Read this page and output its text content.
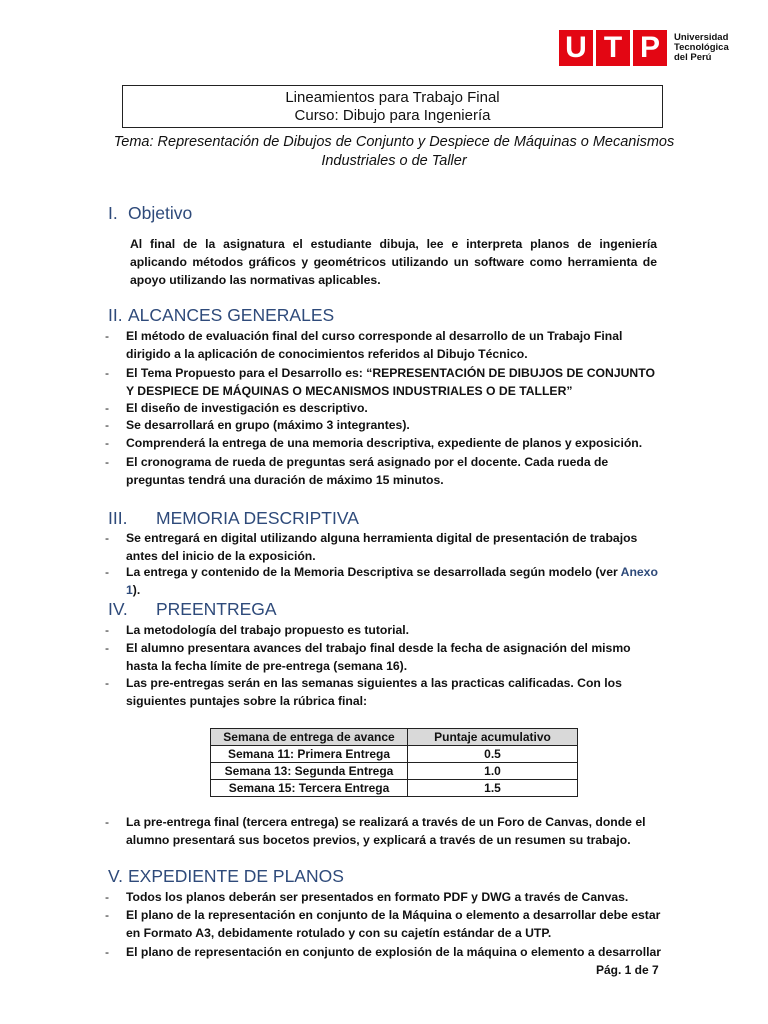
U T P	Universidad
Tecnológica
del Perú
Lineamientos para Trabajo Final
Curso: Dibujo para Ingeniería
Tema: Representación de Dibujos de Conjunto y Despiece de Máquinas o Mecanismos Industriales o de Taller
I. Objetivo
Al final de la asignatura el estudiante dibuja, lee e interpreta planos de ingeniería aplicando métodos gráficos y geométricos utilizando un software como herramienta de apoyo utilizando las normativas aplicables.
II. ALCANCES GENERALES
- El método de evaluación final del curso corresponde al desarrollo de un Trabajo Final dirigido a la aplicación de conocimientos referidos al Dibujo Técnico.
- El Tema Propuesto para el Desarrollo es: “REPRESENTACIÓN DE DIBUJOS DE CONJUNTO Y DESPIECE DE MÁQUINAS O MECANISMOS INDUSTRIALES O DE TALLER”
- El diseño de investigación es descriptivo.
- Se desarrollará en grupo (máximo 3 integrantes).
- Comprenderá la entrega de una memoria descriptiva, expediente de planos y exposición.
- El cronograma de rueda de preguntas será asignado por el docente. Cada rueda de preguntas tendrá una duración de máximo 15 minutos.
III. MEMORIA DESCRIPTIVA
- Se entregará en digital utilizando alguna herramienta digital de presentación de trabajos antes del inicio de la exposición.
- La entrega y contenido de la Memoria Descriptiva se desarrollada según modelo (ver Anexo 1).
IV. PREENTREGA
- La metodología del trabajo propuesto es tutorial.
- El alumno presentara avances del trabajo final desde la fecha de asignación del mismo hasta la fecha límite de pre-entrega (semana 16).
- Las pre-entregas serán en las semanas siguientes a las practicas calificadas. Con los siguientes puntajes sobre la rúbrica final:
Semana de entrega de avance	Puntaje acumulativo
Semana 11: Primera Entrega	0.5
Semana 13: Segunda Entrega	1.0
Semana 15: Tercera Entrega	1.5
- La pre-entrega final (tercera entrega) se realizará a través de un Foro de Canvas, donde el alumno presentará sus bocetos previos, y explicará a través de un resumen su trabajo.
V. EXPEDIENTE DE PLANOS
- Todos los planos deberán ser presentados en formato PDF y DWG a través de Canvas.
- El plano de la representación en conjunto de la Máquina o elemento a desarrollar debe estar en Formato A3, debidamente rotulado y con su cajetín estándar de a UTP.
- El plano de representación en conjunto de explosión de la máquina o elemento a desarrollar
Pág. 1 de 7
